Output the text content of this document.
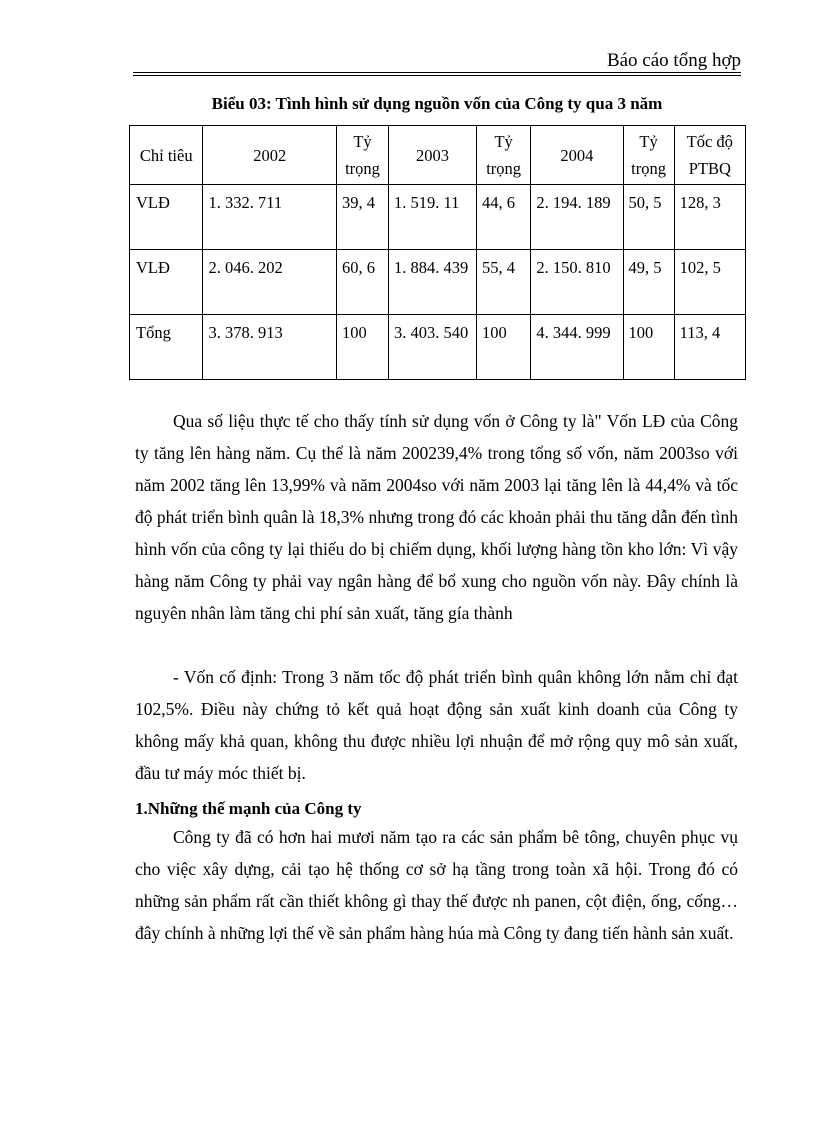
Báo cáo tổng hợp
Biểu 03: Tình hình sử dụng nguồn vốn của Công ty qua 3 năm
Chỉ tiêu	2002	Tỷ trọng	2003	Tỷ trọng	2004	Tỷ trọng	Tốc độ PTBQ
VLĐ	1. 332. 711	39, 4	1. 519. 11	44, 6	2. 194. 189	50, 5	128, 3
VLĐ	2. 046. 202	60, 6	1. 884. 439	55, 4	2. 150. 810	49, 5	102, 5
Tổng	3. 378. 913	100	3. 403. 540	100	4. 344. 999	100	113, 4
Qua số liệu thực tế cho thấy tính sử dụng vốn ở Công ty là" Vốn LĐ của Công ty tăng lên hàng năm. Cụ thể là năm 200239,4% trong tổng số vốn, năm 2003so với năm 2002 tăng lên 13,99% và năm 2004so với năm 2003 lại tăng lên là 44,4% và tốc độ phát triển bình quân là 18,3% nhưng trong đó các khoản phải thu tăng dẫn đến tình hình vốn của công ty lại thiếu do bị chiếm dụng, khối lượng hàng tồn kho lớn: Vì vậy hàng năm Công ty phải vay ngân hàng để bổ xung cho nguồn vốn này. Đây chính là nguyên nhân làm tăng chi phí sản xuất, tăng gía thành
- Vốn cố định: Trong 3 năm tốc độ phát triển bình quân không lớn nằm chỉ đạt 102,5%. Điều này chứng tỏ kết quả hoạt động sản xuất kinh doanh của Công ty không mấy khả quan, không thu được nhiều lợi nhuận để mở rộng quy mô sản xuất, đầu tư máy móc thiết bị.
1.Những thế mạnh của Công ty
Công ty đã có hơn hai mươi năm tạo ra các sản phẩm bê tông, chuyên phục vụ cho việc xây dựng, cải tạo hệ thống cơ sở hạ tầng trong toàn xã hội. Trong đó có những sản phẩm rất cần thiết không gì thay thế được nh panen, cột điện, ống, cống… đây chính à những lợi thế về sản phẩm hàng húa mà Công ty đang tiến hành sản xuất.
